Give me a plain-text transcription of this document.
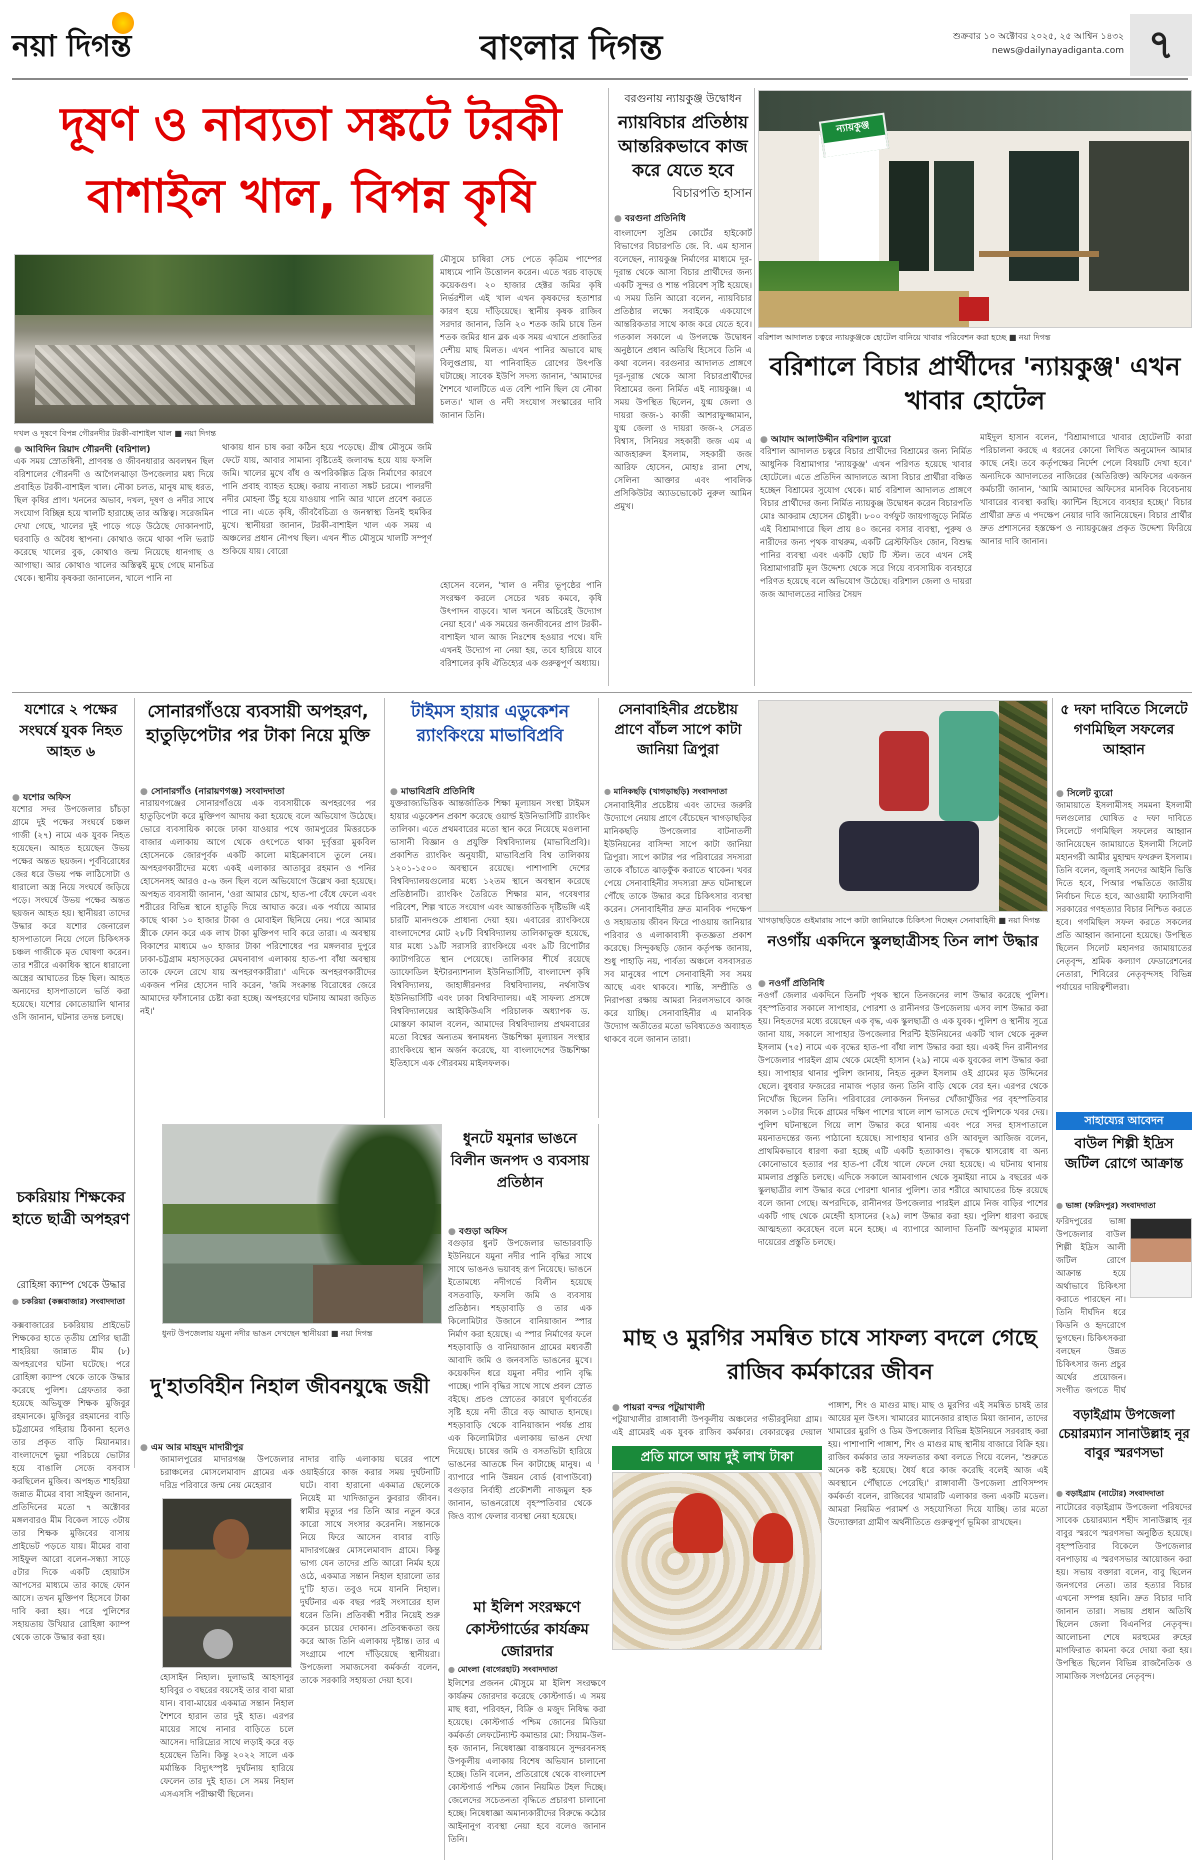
নয়া দিগন্ত	বাংলার দিগন্ত	শুক্রবার ১০ অক্টোবর ২০২৫, ২৫ আশ্বিন ১৪৩২
news@dailynayadiganta.com ৭
দূষণ ও নাব্যতা সঙ্কটে টরকী বাশাইল খাল, বিপন্ন কৃষি
দখল ও দূষণে বিপন্ন গৌরনদীর টরকী-বাশাইল খাল ■ নয়া দিগন্ত
● আবিদিন রিয়াদ গৌরনদী (বরিশাল)
এক সময় স্রোতস্বিনী, প্রাণবন্ত ও জীবনধারার অবলম্বন ছিল বরিশালের গৌরনদী ও আগৈলঝাড়া উপজেলার মধ্য দিয়ে প্রবাহিত টরকী-বাশাইল খাল। নৌকা চলত, মানুষ মাছ ধরত, ছিল কৃষির প্রাণ। খননের অভাব, দখল, দূষণ ও নদীর সাথে সংযোগ বিচ্ছিন্ন হয়ে খালটি হারাচ্ছে তার অস্তিত্ব। সরেজমিন দেখা গেছে, খালের দুই পাড়ে গড়ে উঠেছে দোকানপাট, ঘরবাড়ি ও অবৈধ স্থাপনা। কোথাও জমে থাকা পলি ভরাট করেছে খালের বুক, কোথাও জন্ম নিয়েছে ধানগাছ ও আগাছা। আর কোথাও খালের অস্তিত্বই মুছে গেছে মানচিত্র থেকে। স্থানীয় কৃষকরা জানালেন, খালে পানি না
থাকায় ধান চাষ করা কঠিন হয়ে পড়েছে। গ্রীষ্ম মৌসুমে জমি ফেটে যায়, আবার সামান্য বৃষ্টিতেই জলাবদ্ধ হয়ে যায় ফসলি জমি। খালের মুখে বাঁধ ও অপরিকল্পিত ব্রিজ নির্মাণের কারণে পানি প্রবাহ ব্যাহত হচ্ছে। করায় নাব্যতা সঙ্কট চরমে। পালরদী নদীর মোহনা উঁচু হয়ে যাওয়ায় পানি আর খালে প্রবেশ করতে পারে না। এতে কৃষি, জীববৈচিত্র্য ও জনস্বাস্থ্য তিনই হুমকির মুখে। স্থানীয়রা জানান, টরকী-বাশাইল খাল এক সময় এ অঞ্চলের প্রধান নৌপথ ছিল। এখন শীত মৌসুমে খালটি সম্পূর্ণ শুকিয়ে যায়। বোরো
মৌসুমে চাষিরা সেচ পেতে কৃত্রিম পাম্পের মাধ্যমে পানি উত্তোলন করেন। এতে খরচ বাড়ছে কয়েকগুণ। ২০ হাজার হেক্টর জমির কৃষি নির্ভরশীল এই খাল এখন কৃষকদের হতাশার কারণ হয়ে দাঁড়িয়েছে। স্থানীয় কৃষক রাজিব সরদার জানান, তিনি ২০ শতক জমি চাষে তিন শতক জমির ধান ব্লক এক সময় এখানে প্রজাতির দেশীয় মাছ মিলত। এখন পানির অভাবে মাছ বিলুপ্তপ্রায়, যা পানিবাহিত রোগের উৎপত্তি ঘটাচ্ছে। সাবেক ইউপি সদস্য জানান, 'আমাদের শৈশবে খালটিতে এত বেশি পানি ছিল যে নৌকা চলত।' খাল ও নদী সংযোগ সংস্কারের দাবি জানান তিনি।
হোসেন বলেন, 'খাল ও নদীর ভূপৃষ্ঠের পানি সংরক্ষণ করলে সেচের খরচ কমবে, কৃষি উৎপাদন বাড়বে। খাল খননে অচিরেই উদ্যোগ নেয়া হবে।' এক সময়ের জনজীবনের প্রাণ টরকী-বাশাইল খাল আজ নিঃশেষ হওয়ার পথে। যদি এখনই উদ্যোগ না নেয়া হয়, তবে হারিয়ে যাবে বরিশালের কৃষি ঐতিহ্যের এক গুরুত্বপূর্ণ অধ্যায়।
বরগুনায় ন্যায়কুঞ্জ উদ্বোধন
ন্যায়বিচার প্রতিষ্ঠায় আন্তরিকভাবে কাজ করে যেতে হবে
বিচারপতি হাসান
● বরগুনা প্রতিনিধি
বাংলাদেশ সুপ্রিম কোর্টের হাইকোর্ট বিভাগের বিচারপতি জে. বি. এম হাসান বলেছেন, ন্যায়কুঞ্জ নির্মাণের মাধ্যমে দূর-দূরান্ত থেকে আসা বিচার প্রার্থীদের জন্য একটি সুন্দর ও শান্ত পরিবেশ সৃষ্টি হয়েছে। এ সময় তিনি আরো বলেন, ন্যায়বিচার প্রতিষ্ঠার লক্ষ্যে সবাইকে একযোগে আন্তরিকতার সাথে কাজ করে যেতে হবে। গতকাল সকালে এ উপলক্ষে উদ্বোধন অনুষ্ঠানে প্রধান অতিথি হিসেবে তিনি এ কথা বলেন। বরগুনার আদালত প্রাঙ্গণে দূর-দূরান্ত থেকে আসা বিচারপ্রার্থীদের বিশ্রামের জন্য নির্মিত এই ন্যায়কুঞ্জ। এ সময় উপস্থিত ছিলেন, যুগ্ম জেলা ও দায়রা জজ-১ কাজী আশরাফুজ্জামান, যুগ্ম জেলা ও দায়রা জজ-২ সেব্রত বিশ্বাস, সিনিয়র সহকারী জজ এম এ আজহারুল ইসলাম, সহকারী জজ আরিফ হোসেন, মোহাঃ রানা শেখ, সেলিনা আক্তার এবং পাবলিক প্রসিকিউটর অ্যাডভোকেট নুরুল আমিন প্রমুখ।
ন্যায়কুঞ্জ
বরিশাল আদালত চত্বরে ন্যায়কুঞ্জকে হোটেল বানিয়ে খাবার পরিবেশন করা হচ্ছে ■ নয়া দিগন্ত
বরিশালে বিচার প্রার্থীদের 'ন্যায়কুঞ্জ' এখন খাবার হোটেল
● আযাদ আলাউদ্দীন বরিশাল ব্যুরো
বরিশাল আদালত চত্বরে বিচার প্রার্থীদের বিশ্রামের জন্য নির্মিত আধুনিক বিশ্রামাগার 'ন্যায়কুঞ্জ' এখন পরিণত হয়েছে খাবার হোটেলে। এতে প্রতিদিন আদালতে আসা বিচার প্রার্থীরা বঞ্চিত হচ্ছেন বিশ্রামের সুযোগ থেকে। মার্চ বরিশাল আদালত প্রাঙ্গণে বিচার প্রার্থীদের জন্য নির্মিত ন্যায়কুঞ্জ উদ্বোধন করেন বিচারপতি মোঃ আকরাম হোসেন চৌধুরী। ৮০০ বর্গফুট জায়গাজুড়ে নির্মিত এই বিশ্রামাগারে ছিল প্রায় ৪০ জনের বসার ব্যবস্থা, পুরুষ ও নারীদের জন্য পৃথক বাথরুম, একটি ব্রেস্টফিডিং জোন, বিশুদ্ধ পানির ব্যবস্থা এবং একটি ছোট টি স্টল। তবে এখন সেই বিশ্রামাগারটি মূল উদ্দেশ্য থেকে সরে গিয়ে ব্যবসায়িক ব্যবহারে পরিণত হয়েছে বলে অভিযোগ উঠেছে। বরিশাল জেলা ও দায়রা জজ আদালতের নাজির সৈয়দ
মাইদুল হাসান বলেন, 'বিশ্রামাগারে খাবার হোটেলটি কারা পরিচালনা করছে এ ধরনের কোনো লিখিত অনুমোদন আমার কাছে নেই। তবে কর্তৃপক্ষের নির্দেশ পেলে বিষয়টি দেখা হবে।' অন্যদিকে আদালতের নাজিরের (অতিরিক্ত) অফিসের একজন কর্মচারী জানান, 'আমি আমাদের অফিসের মানবিক বিবেচনায় খাবারের ব্যবস্থা করছি। ক্যান্টিন হিসেবে ব্যবহার হচ্ছে।' বিচার প্রার্থীরা দ্রুত এ পদক্ষেপ নেয়ার দাবি জানিয়েছেন। বিচার প্রার্থীর দ্রুত প্রশাসনের হস্তক্ষেপ ও ন্যায়কুঞ্জের প্রকৃত উদ্দেশ্য ফিরিয়ে আনার দাবি জানান।
যশোরে ২ পক্ষের সংঘর্ষে যুবক নিহত আহত ৬
● যশোর অফিস
যশোর সদর উপজেলার চাঁচড়া গ্রামে দুই পক্ষের সংঘর্ষে চঞ্চল গাজী (২৭) নামে এক যুবক নিহত হয়েছেন। আহত হয়েছেন উভয় পক্ষের অন্তত ছয়জন। পূর্ববিরোধের জের ধরে উভয় পক্ষ লাঠিসোটা ও ধারালো অস্ত্র নিয়ে সংঘর্ষে জড়িয়ে পড়ে। সংঘর্ষে উভয় পক্ষের অন্তত ছয়জন আহত হয়। স্থানীয়রা তাদের উদ্ধার করে যশোর জেনারেল হাসপাতালে নিয়ে গেলে চিকিৎসক চঞ্চল গাজীকে মৃত ঘোষণা করেন। তার শরীরে একাধিক স্থানে ধারালো অস্ত্রের আঘাতের চিহ্ন ছিল। আহত অন্যদের হাসপাতালে ভর্তি করা হয়েছে। যশোর কোতোয়ালি থানার ওসি জানান, ঘটনার তদন্ত চলছে।
সোনারগাঁওয়ে ব্যবসায়ী অপহরণ, হাতুড়িপেটার পর টাকা নিয়ে মুক্তি
● সোনারগাঁও (নারায়ণগঞ্জ) সংবাদদাতা
নারায়ণগঞ্জের সোনারগাঁওয়ে এক ব্যবসায়ীকে অপহরণের পর হাতুড়িপেটা করে মুক্তিপণ আদায় করা হয়েছে বলে অভিযোগ উঠেছে। ভোরে ব্যবসায়িক কাজে ঢাকা যাওয়ার পথে জামপুরের মিত্তরচেক বাজার এলাকায় আগে থেকে ওৎপেতে থাকা দুর্বৃত্তরা মুকবিল হোসেনকে জোরপূর্বক একটি কালো মাইক্রোবাসে তুলে নেয়। অপহরণকারীদের মধ্যে একই এলাকার আতাবুর রহমান ও পনির হোসেনসহ আরও ৫-৬ জন ছিল বলে অভিযোগে উল্লেখ করা হয়েছে। অপহৃত ব্যবসায়ী জানান, 'ওরা আমার চোখ, হাত-পা বেঁধে ফেলে এবং শরীরের বিভিন্ন স্থানে হাতুড়ি দিয়ে আঘাত করে। এক পর্যায়ে আমার কাছে থাকা ১০ হাজার টাকা ও মোবাইল ছিনিয়ে নেয়। পরে আমার স্ত্রীকে ফোন করে এক লাখ টাকা মুক্তিপণ দাবি করে তারা। এ অবস্থায় বিকাশের মাধ্যমে ৬০ হাজার টাকা পরিশোধের পর মঙ্গলবার দুপুরে ঢাকা-চট্টগ্রাম মহাসড়কের মেঘনাবাগ এলাকায় হাত-পা বাঁধা অবস্থায় তাকে ফেলে রেখে যায় অপহরণকারীরা।' এদিকে অপহরণকারীদের একজন পনির হোসেন দাবি করেন, 'জমি সংক্রান্ত বিরোধের জেরে আমাদের ফাঁসানোর চেষ্টা করা হচ্ছে। অপহরণের ঘটনায় আমরা জড়িত নই।'
টাইমস হায়ার এডুকেশন র‌্যাংকিংয়ে মাভাবিপ্রবি
● মাভাবিপ্রবি প্রতিনিধি
যুক্তরাজ্যভিত্তিক আন্তর্জাতিক শিক্ষা মূল্যায়ন সংস্থা টাইমস হায়ার এডুকেশন প্রকাশ করেছে ওয়ার্ল্ড ইউনিভার্সিটি র‌্যাংকিং তালিকা। এতে প্রথমবারের মতো স্থান করে নিয়েছে মওলানা ভাসানী বিজ্ঞান ও প্রযুক্তি বিশ্ববিদ্যালয় (মাভাবিপ্রবি)। প্রকাশিত র‌্যাংকিং অনুযায়ী, মাভাবিপ্রবি বিশ্ব তালিকায় ১২০১-১৫০০ অবস্থানে রয়েছে। পাশাপাশি দেশের বিশ্ববিদ্যালয়গুলোর মধ্যে ১২তম স্থানে অবস্থান করেছে প্রতিষ্ঠানটি। র‌্যাংকিং তৈরিতে শিক্ষার মান, গবেষণার পরিবেশ, শিল্প খাতে সংযোগ এবং আন্তর্জাতিক দৃষ্টিভঙ্গি এই চারটি মানদণ্ডকে প্রাধান্য দেয়া হয়। এবারের র‌্যাংকিংয়ে বাংলাদেশের মোট ২৮টি বিশ্ববিদ্যালয় তালিকাভুক্ত হয়েছে, যার মধ্যে ১৯টি সরাসরি র‌্যাংকিংয়ে এবং ৯টি রিপোর্টার ক্যাটাগরিতে স্থান পেয়েছে। তালিকার শীর্ষে রয়েছে ড্যাফোডিল ইন্টারন্যাশনাল ইউনিভার্সিটি, বাংলাদেশ কৃষি বিশ্ববিদ্যালয়, জাহাঙ্গীরনগর বিশ্ববিদ্যালয়, নর্থসাউথ ইউনিভার্সিটি এবং ঢাকা বিশ্ববিদ্যালয়। এই সাফল্য প্রসঙ্গে বিশ্ববিদ্যালয়ের আইকিউএসি পরিচালক অধ্যাপক ড. মোস্তফা কামাল বলেন, আমাদের বিশ্ববিদ্যালয় প্রথমবারের মতো বিশ্বের অন্যতম স্বনামধন্য উচ্চশিক্ষা মূল্যায়ন সংস্থার র‌্যাংকিংয়ে স্থান অর্জন করেছে, যা বাংলাদেশের উচ্চশিক্ষা ইতিহাসে এক গৌরবময় মাইলফলক।
সেনাবাহিনীর প্রচেষ্টায় প্রাণে বাঁচল সাপে কাটা জানিয়া ত্রিপুরা
● মানিকছড়ি (খাগড়াছড়ি) সংবাদদাতা
সেনাবাহিনীর প্রচেষ্টায় এবং তাদের জরুরি উদ্যোগে নেয়ায় প্রাণে বেঁচেছেন খাগড়াছড়ির মানিকছড়ি উপজেলার বাটনাতলী ইউনিয়নের বাসিন্দা সাপে কাটা জানিয়া ত্রিপুরা। সাপে কাটার পর পরিবারের সদস্যরা তাকে বাঁচাতে ঝাড়ফুঁক করাতে থাকেন। খবর পেয়ে সেনাবাহিনীর সদস্যরা দ্রুত ঘটনাস্থলে পৌঁছে তাকে উদ্ধার করে চিকিৎসার ব্যবস্থা করেন। সেনাবাহিনীর দ্রুত মানবিক পদক্ষেপ ও সহায়তায় জীবন ফিরে পাওয়ায় জানিয়ার পরিবার ও এলাকাবাসী কৃতজ্ঞতা প্রকাশ করেছে। সিন্দুকছড়ি জোন কর্তৃপক্ষ জানায়, শুধু পাহাড়ি নয়, পার্বত্য অঞ্চলে বসবাসরত সব মানুষের পাশে সেনাবাহিনী সব সময় আছে এবং থাকবে। শান্তি, সম্প্রীতি ও নিরাপত্তা রক্ষায় আমরা নিরলসভাবে কাজ করে যাচ্ছি। সেনাবাহিনীর এ মানবিক উদ্যোগ অতীতের মতো ভবিষ্যতেও অব্যাহত থাকবে বলে জানান তারা।
খাগড়াছড়িতে গুইমারায় সাপে কাটা জানিয়াকে চিকিৎসা দিচ্ছেন সেনাবাহিনী ■ নয়া দিগন্ত
৫ দফা দাবিতে সিলেটে গণমিছিল সফলের আহ্বান
● সিলেট ব্যুরো
জামায়াতে ইসলামীসহ সমমনা ইসলামী দলগুলোর ঘোষিত ৫ দফা দাবিতে সিলেটে গণমিছিল সফলের আহ্বান জানিয়েছেন জামায়াতে ইসলামী সিলেট মহানগরী আমীর মুহাম্মদ ফখরুল ইসলাম। তিনি বলেন, জুলাই সনদের আইনি ভিত্তি দিতে হবে, পিআর পদ্ধতিতে জাতীয় নির্বাচন দিতে হবে, আওয়ামী ফ্যাসিবাদী সরকারের গণহত্যার বিচার নিশ্চিত করতে হবে। গণমিছিল সফল করতে সকলের প্রতি আহ্বান জানানো হয়েছে। উপস্থিত ছিলেন সিলেট মহানগর জামায়াতের নেতৃবৃন্দ, শ্রমিক কল্যাণ ফেডারেশনের নেতারা, শিবিরের নেতৃবৃন্দসহ বিভিন্ন পর্যায়ের দায়িত্বশীলরা।
নওগাঁয় একদিনে স্কুলছাত্রীসহ তিন লাশ উদ্ধার
● নওগাঁ প্রতিনিধি
নওগাঁ জেলার একদিনে তিনটি পৃথক স্থানে তিনজনের লাশ উদ্ধার করেছে পুলিশ। বৃহস্পতিবার সকালে সাপাহার, পোরশা ও রানীনগর উপজেলায় এসব লাশ উদ্ধার করা হয়। নিহতদের মধ্যে রয়েছেন এক বৃদ্ধ, এক স্কুলছাত্রী ও এক যুবক। পুলিশ ও স্থানীয় সূত্রে জানা যায়, সকালে সাপাহার উপজেলার শিরন্টি ইউনিয়নের একটি খাল থেকে নুরুল ইসলাম (৭৫) নামে এক বৃদ্ধের হাত-পা বাঁধা লাশ উদ্ধার করা হয়। একই দিন রানীনগর উপজেলার পারইল গ্রাম থেকে মেহেদী হাসান (২৯) নামে এক যুবকের লাশ উদ্ধার করা হয়। সাপাহার থানার পুলিশ জানায়, নিহত নুরুল ইসলাম ওই গ্রামের মৃত উদ্দিনের ছেলে। বুধবার ফজরের নামাজ পড়ার জন্য তিনি বাড়ি থেকে বের হন। এরপর থেকে নিখোঁজ ছিলেন তিনি। পরিবারের লোকজন দিনভর খোঁজাখুঁজির পর বৃহস্পতিবার সকাল ১০টার দিকে গ্রামের দক্ষিণ পাশের খালে লাশ ভাসতে দেখে পুলিশকে খবর দেয়। পুলিশ ঘটনাস্থলে গিয়ে লাশ উদ্ধার করে থানায় এবং পরে সদর হাসপাতালে ময়নাতদন্তের জন্য পাঠানো হয়েছে। সাপাহার থানার ওসি আবদুল আজিজ বলেন, প্রাথমিকভাবে ধারণা করা হচ্ছে এটি একটি হত্যাকাণ্ড। বৃদ্ধকে শ্বাসরোধ বা অন্য কোনোভাবে হত্যার পর হাত-পা বেঁধে খালে ফেলে দেয়া হয়েছে। এ ঘটনায় থানায় মামলার প্রস্তুতি চলছে। এদিকে সকালে আমবাগান থেকে সুমাইয়া নামে ৯ বছরের এক স্কুলছাত্রীর লাশ উদ্ধার করে পোরশা থানার পুলিশ। তার শরীরে আঘাতের চিহ্ন রয়েছে বলে জানা গেছে। অপরদিকে, রানীনগর উপজেলার পারইল গ্রামে নিজ বাড়ির পাশের একটি গাছ থেকে মেহেদী হাসানের (২৯) লাশ উদ্ধার করা হয়। পুলিশ ধারণা করছে আত্মহত্যা করেছেন বলে মনে হচ্ছে। এ ব্যাপারে আলাদা তিনটি অপমৃত্যুর মামলা দায়েরের প্রস্তুতি চলছে।
সাহায্যের আবেদন
বাউল শিল্পী ইদ্রিস জটিল রোগে আক্রান্ত
● ভাঙ্গা (ফরিদপুর) সংবাদদাতা
ফরিদপুরের ভাঙ্গা উপজেলার বাউল শিল্পী ইদ্রিস আলী জটিল রোগে আক্রান্ত হয়ে অর্থাভাবে চিকিৎসা করাতে পারছেন না। তিনি দীর্ঘদিন ধরে কিডনি ও হৃদরোগে ভুগছেন। চিকিৎসকরা বলছেন উন্নত চিকিৎসার জন্য প্রচুর অর্থের প্রয়োজন। সংগীত জগতে দীর্ঘ
বড়াইগ্রাম উপজেলা চেয়ারম্যান সানাউল্লাহ নূর বাবুর স্মরণসভা
● বড়াইগ্রাম (নাটোর) সংবাদদাতা
নাটোরের বড়াইগ্রাম উপজেলা পরিষদের সাবেক চেয়ারম্যান শহীদ সানাউল্লাহ নূর বাবুর স্মরণে স্মরণসভা অনুষ্ঠিত হয়েছে। বৃহস্পতিবার বিকেলে উপজেলার বনপাড়ায় এ স্মরণসভার আয়োজন করা হয়। সভায় বক্তারা বলেন, বাবু ছিলেন জনগণের নেতা। তার হত্যার বিচার এখনো সম্পন্ন হয়নি। দ্রুত বিচার দাবি জানান তারা। সভায় প্রধান অতিথি ছিলেন জেলা বিএনপির নেতৃবৃন্দ। আলোচনা শেষে মরহুমের রুহের মাগফিরাত কামনা করে দোয়া করা হয়। উপস্থিত ছিলেন বিভিন্ন রাজনৈতিক ও সামাজিক সংগঠনের নেতৃবৃন্দ।
চকরিয়ায় শিক্ষকের হাতে ছাত্রী অপহরণ
রোহিঙ্গা ক্যাম্প থেকে উদ্ধার
● চকরিয়া (কক্সবাজার) সংবাদদাতা
কক্সবাজারের চকরিয়ায় প্রাইভেট শিক্ষকের হাতে তৃতীয় শ্রেণির ছাত্রী শাহরিয়া জান্নাত মীম (৮) অপহরণের ঘটনা ঘটেছে। পরে রোহিঙ্গা ক্যাম্প থেকে তাকে উদ্ধার করেছে পুলিশ। গ্রেফতার করা হয়েছে অভিযুক্ত শিক্ষক মুজিবুর রহমানকে। মুজিবুর রহমানের বাড়ি চট্টগ্রামের গহিরায় ঠিকানা হলেও তার প্রকৃত বাড়ি মিয়ানমার। বাংলাদেশে ভুয়া পরিচয়ে ভোটার হয়ে বাঙালি সেজে বসবাস করছিলেন মুজিব। অপহৃত শাহরিয়া জন্নাত মীমের বাবা সাইফুল জানান, প্রতিদিনের মতো ৭ অক্টোবর মঙ্গলবারও মীম বিকেল সাড়ে ৩টায় তার শিক্ষক মুজিবের বাসায় প্রাইভেট পড়তে যায়। মীমের বাবা সাইফুল আরো বলেন-সন্ধ্যা সাড়ে ৫টার দিকে একটি হোয়াটস আপসের মাধ্যমে তার কাছে ফোন আসে। তখন মুক্তিপণ হিসেবে টাকা দাবি করা হয়। পরে পুলিশের সহায়তায় উখিয়ার রোহিঙ্গা ক্যাম্প থেকে তাকে উদ্ধার করা হয়।
ধুনট উপজেলায় যমুনা নদীর ভাঙন দেখছেন স্থানীয়রা ■ নয়া দিগন্ত
ধুনটে যমুনার ভাঙনে বিলীন জনপদ ও ব্যবসায় প্রতিষ্ঠান
● বগুড়া অফিস
বগুড়ার ধুনট উপজেলার ভান্ডারবাড়ি ইউনিয়নে যমুনা নদীর পানি বৃদ্ধির সাথে সাথে ভাঙনও ভয়াবহ রূপ নিয়েছে। ভাঙনে ইতোমধ্যে নদীগর্ভে বিলীন হয়েছে বসতবাড়ি, ফসলি জমি ও ব্যবসায় প্রতিষ্ঠান। শহড়াবাড়ি ও তার এক কিলোমিটার উজানে বানিয়াজান স্পার নির্মাণ করা হয়েছে। এ স্পার নির্মাণের ফলে শহড়াবাড়ি ও বানিয়াজান গ্রামের মধ্যবর্তী আবাদি জমি ও জনবসতি ভাঙনের মুখে। কয়েকদিন ধরে যমুনা নদীর পানি বৃদ্ধি পাচ্ছে। পানি বৃদ্ধির সাথে সাথে প্রবল স্রোত বইছে। প্রচণ্ড স্রোতের কারণে ঘূর্ণাবর্তের সৃষ্টি হয়ে নদী তীরে বড় আঘাত হানছে। শহড়াবাড়ি থেকে বানিয়াজান পর্যন্ত প্রায় এক কিলোমিটার এলাকায় ভাঙন দেখা দিয়েছে। চাষের জমি ও বসতভিটা হারিয়ে ভাঙনের আতঙ্কে দিন কাটাচ্ছে মানুষ। এ ব্যাপারে পানি উন্নয়ন বোর্ড (বাপাউবো) বগুড়ার নির্বাহী প্রকৌশলী নাজমুল হক জানান, ভাঙনরোধে বৃহস্পতিবার থেকে জিও ব্যাগ ফেলার ব্যবস্থা নেয়া হয়েছে।
দু'হাতবিহীন নিহাল জীবনযুদ্ধে জয়ী
● এম আর মাহমুদ মাদারীপুর
জামালপুরের মাদারগঞ্জ উপজেলার চরাঞ্চলের মোসলেমাবাদ গ্রামের এক দরিদ্র পরিবারে জন্ম নেয় মেহেরাব
হোসাইন নিহাল। দুলাভাই আহসানুর হাবিবুর ৩ বছরের বয়সেই তার বাবা মারা যান। বাবা-মায়ের একমাত্র সন্তান নিহাল শৈশবে হারান তার দুই হাত। এরপর মায়ের সাথে নানার বাড়িতে চলে আসেন। দারিদ্র্যের সাথে লড়াই করে বড় হয়েছেন তিনি। কিন্তু ২০২২ সালে এক মর্মান্তিক বিদ্যুৎস্পৃষ্ট দুর্ঘটনায় হারিয়ে ফেলেন তার দুই হাত। সে সময় নিহাল এসএসসি পরীক্ষার্থী ছিলেন।
নাদার বাড়ি এলাকায় ঘরের পাশে ওয়াইর্ডারে কাজ করার সময় দুর্ঘটনাটি ঘটে। বাবা হারানো একমাত্র ছেলেকে নিয়েই মা খাদিজাতুন কুবরার জীবন। স্বামীর মৃত্যুর পর তিনি আর নতুন করে কারো সাথে সংসার করেননি। সন্তানকে নিয়ে ফিরে আসেন বাবার বাড়ি মাদারগঞ্জের মোসলেমাবাদ গ্রামে। কিন্তু ভাগ্য যেন তাদের প্রতি আরো নির্মম হয়ে ওঠে, একমাত্র সন্তান নিহাল হারালো তার দু'টি হাত। তবুও দমে যাননি নিহাল। দুর্ঘটনার এক বছর পরই সংসারের হাল ধরেন তিনি। প্রতিবন্ধী শরীর নিয়েই শুরু করেন চায়ের দোকান। প্রতিবন্ধকতা জয় করে আজ তিনি এলাকায় দৃষ্টান্ত। তার এ সংগ্রামে পাশে দাঁড়িয়েছে স্থানীয়রা। উপজেলা সমাজসেবা কর্মকর্তা বলেন, তাকে সরকারি সহায়তা দেয়া হবে।
মা ইলিশ সংরক্ষণে কোস্টগার্ডের কার্যক্রম জোরদার
● মোংলা (বাগেরহাট) সংবাদদাতা
ইলিশের প্রজনন মৌসুমে মা ইলিশ সংরক্ষণে কার্যক্রম জোরদার করেছে কোস্টগার্ড। এ সময় মাছ ধরা, পরিবহন, বিক্রি ও মজুদ নিষিদ্ধ করা হয়েছে। কোস্টগার্ড পশ্চিম জোনের মিডিয়া কর্মকর্তা লেফটেন্যান্ট কমান্ডার মো: সিয়াম-উল-হক জানান, নিষেধাজ্ঞা বাস্তবায়নে সুন্দরবনসহ উপকূলীয় এলাকায় বিশেষ অভিযান চালানো হচ্ছে। তিনি বলেন, প্রতিরোধে থেকে বাংলাদেশ কোস্টগার্ড পশ্চিম জোন নিয়মিত টহল দিচ্ছে। জেলেদের সচেতনতা বৃদ্ধিতে প্রচারণা চালানো হচ্ছে। নিষেধাজ্ঞা অমান্যকারীদের বিরুদ্ধে কঠোর আইনানুগ ব্যবস্থা নেয়া হবে বলেও জানান তিনি।
মাছ ও মুরগির সমন্বিত চাষে সাফল্য বদলে গেছে রাজিব কর্মকারের জীবন
● পায়রা বন্দর পটুয়াখালী
পটুয়াখালীর রাঙ্গাবালী উপকূলীয় অঞ্চলের গভীরবুনিয়া গ্রাম। এই গ্রামেরই এক যুবক রাজিব কর্মকার। বেকারত্বের দেয়াল
প্রতি মাসে আয় দুই লাখ টাকা
পাঙ্গাশ, শিং ও মাগুর মাছ। মাছ ও মুরগির এই সমন্বিত চাষই তার আয়ের মূল উৎস। খামারের ম্যানেজার রাহাত মিয়া জানান, তাদের খামারের মুরগি ও ডিম উপজেলার বিভিন্ন ইউনিয়নে সরবরাহ করা হয়। পাশাপাশি পাঙ্গাশ, শিং ও মাগুর মাছ স্থানীয় বাজারে বিক্রি হয়। রাজিব কর্মকার তার সফলতার কথা বলতে গিয়ে বলেন, 'শুরুতে অনেক কষ্ট হয়েছে। ধৈর্য ধরে কাজ করেছি বলেই আজ এই অবস্থানে পৌঁছাতে পেরেছি।' রাঙ্গাবালী উপজেলা প্রাণিসম্পদ কর্মকর্তা বলেন, রাজিবের খামারটি এলাকার জন্য একটি মডেল। আমরা নিয়মিত পরামর্শ ও সহযোগিতা দিয়ে যাচ্ছি। তার মতো উদ্যোক্তারা গ্রামীণ অর্থনীতিতে গুরুত্বপূর্ণ ভূমিকা রাখছেন।
